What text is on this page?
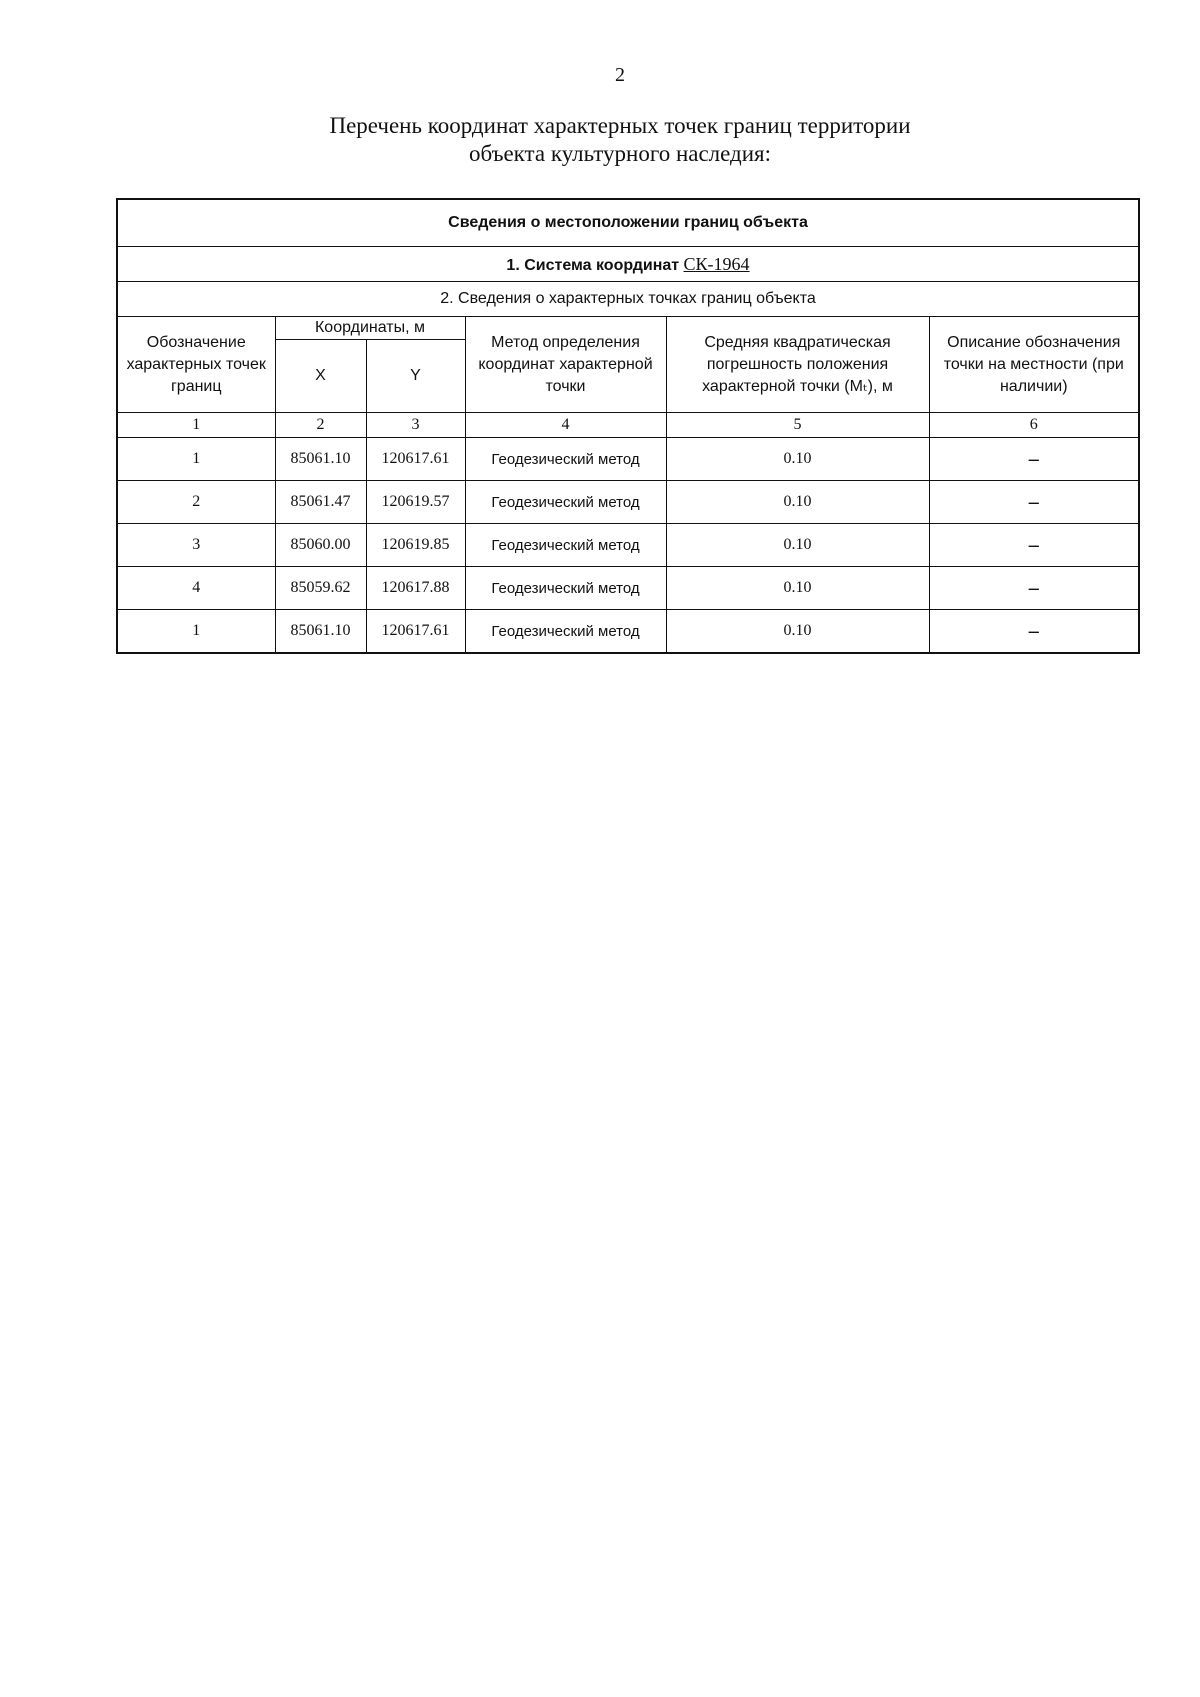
2
Перечень координат характерных точек границ территории
объекта культурного наследия:
Сведения о местоположении границ объекта					
1. Система координат СК-1964					
2. Сведения о характерных точках границ объекта					
Обозначение характерных точек границ	Координаты, м		Метод определения координат характерной точки	Средняя квадратическая погрешность положения характерной точки (Mₜ), м	Описание обозначения точки на местности (при наличии)
	X	Y			
1	2	3	4	5	6
1	85061.10	120617.61	Геодезический метод	0.10	–
2	85061.47	120619.57	Геодезический метод	0.10	–
3	85060.00	120619.85	Геодезический метод	0.10	–
4	85059.62	120617.88	Геодезический метод	0.10	–
1	85061.10	120617.61	Геодезический метод	0.10	–
